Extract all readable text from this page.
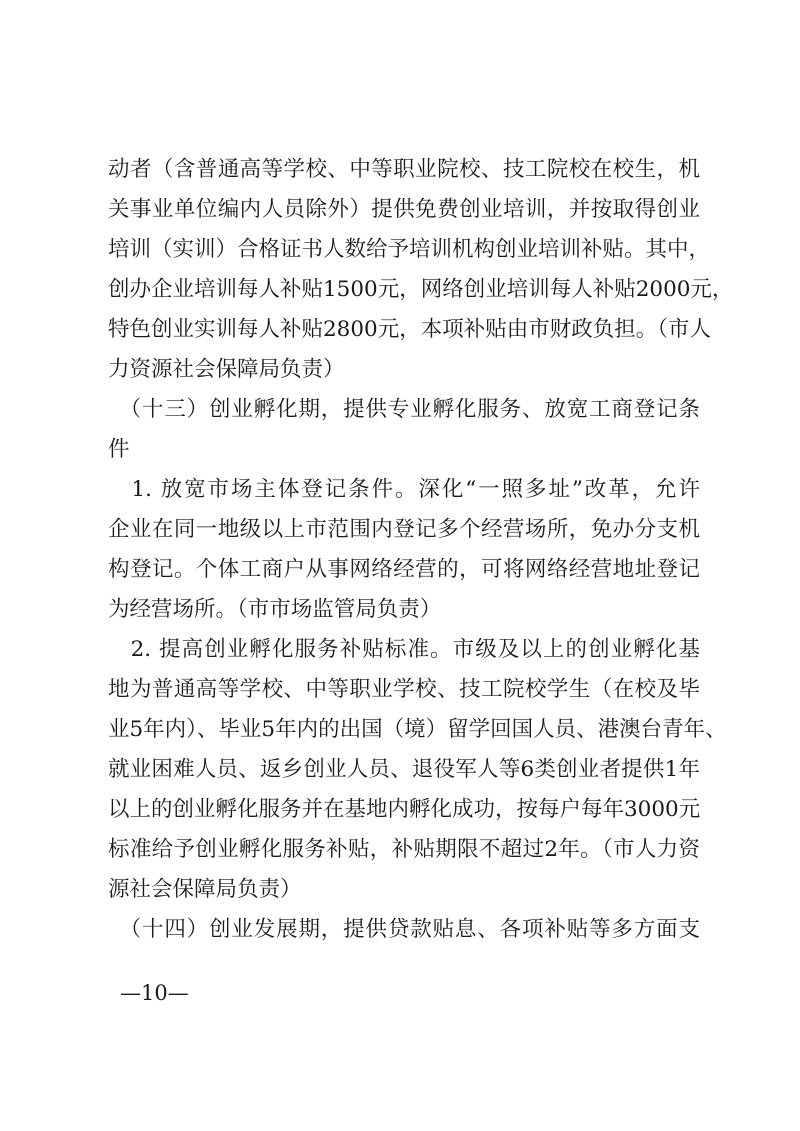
动者（含普通高等学校、中等职业院校、技工院校在校生，机
关事业单位编内人员除外）提供免费创业培训，并按取得创业
培训（实训）合格证书人数给予培训机构创业培训补贴。其中，
创办企业培训每人补贴1500元，网络创业培训每人补贴2000元，
特色创业实训每人补贴2800元，本项补贴由市财政负担。（市人
力资源社会保障局负责）
　（十三）创业孵化期，提供专业孵化服务、放宽工商登记条
件
　1. 放宽市场主体登记条件。深化“一照多址”改革，允许
企业在同一地级以上市范围内登记多个经营场所，免办分支机
构登记。个体工商户从事网络经营的，可将网络经营地址登记
为经营场所。（市市场监管局负责）
　2. 提高创业孵化服务补贴标准。市级及以上的创业孵化基
地为普通高等学校、中等职业学校、技工院校学生（在校及毕
业5年内）、毕业5年内的出国（境）留学回国人员、港澳台青年、
就业困难人员、返乡创业人员、退役军人等6类创业者提供1年
以上的创业孵化服务并在基地内孵化成功，按每户每年3000元
标准给予创业孵化服务补贴，补贴期限不超过2年。（市人力资
源社会保障局负责）
　（十四）创业发展期，提供贷款贴息、各项补贴等多方面支
—10—
